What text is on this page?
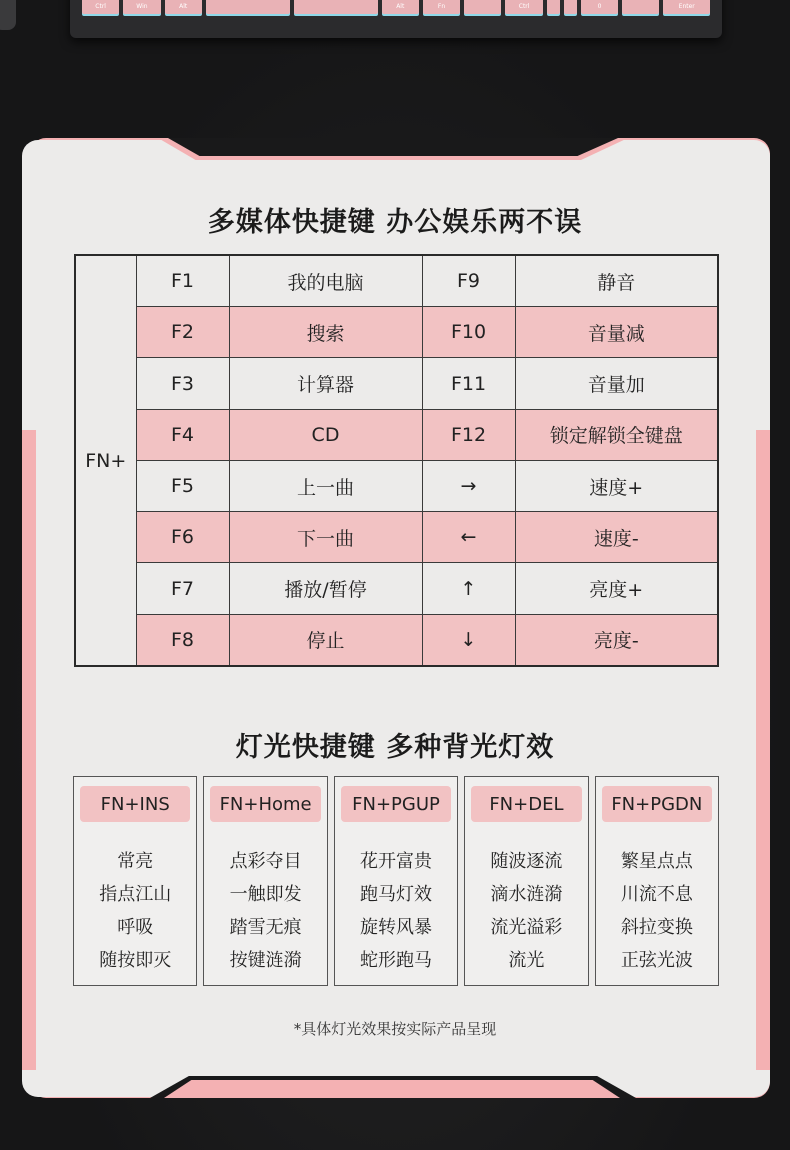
Ctrl	Win	Alt	Alt	Fn	Ctrl	0	Enter
多媒体快捷键 办公娱乐两不误
FN+	F1	我的电脑	F9	静音
	F2	搜索	F10	音量减
	F3	计算器	F11	音量加
	F4	CD	F12	锁定解锁全键盘
	F5	上一曲	→	速度+
	F6	下一曲	←	速度-
	F7	播放/暂停	↑	亮度+
	F8	停止	↓	亮度-
灯光快捷键 多种背光灯效
FN+INS
常亮
指点江山
呼吸
随按即灭
FN+Home
点彩夺目
一触即发
踏雪无痕
按键涟漪
FN+PGUP
花开富贵
跑马灯效
旋转风暴
蛇形跑马
FN+DEL
随波逐流
滴水涟漪
流光溢彩
流光
FN+PGDN
繁星点点
川流不息
斜拉变换
正弦光波
*具体灯光效果按实际产品呈现
